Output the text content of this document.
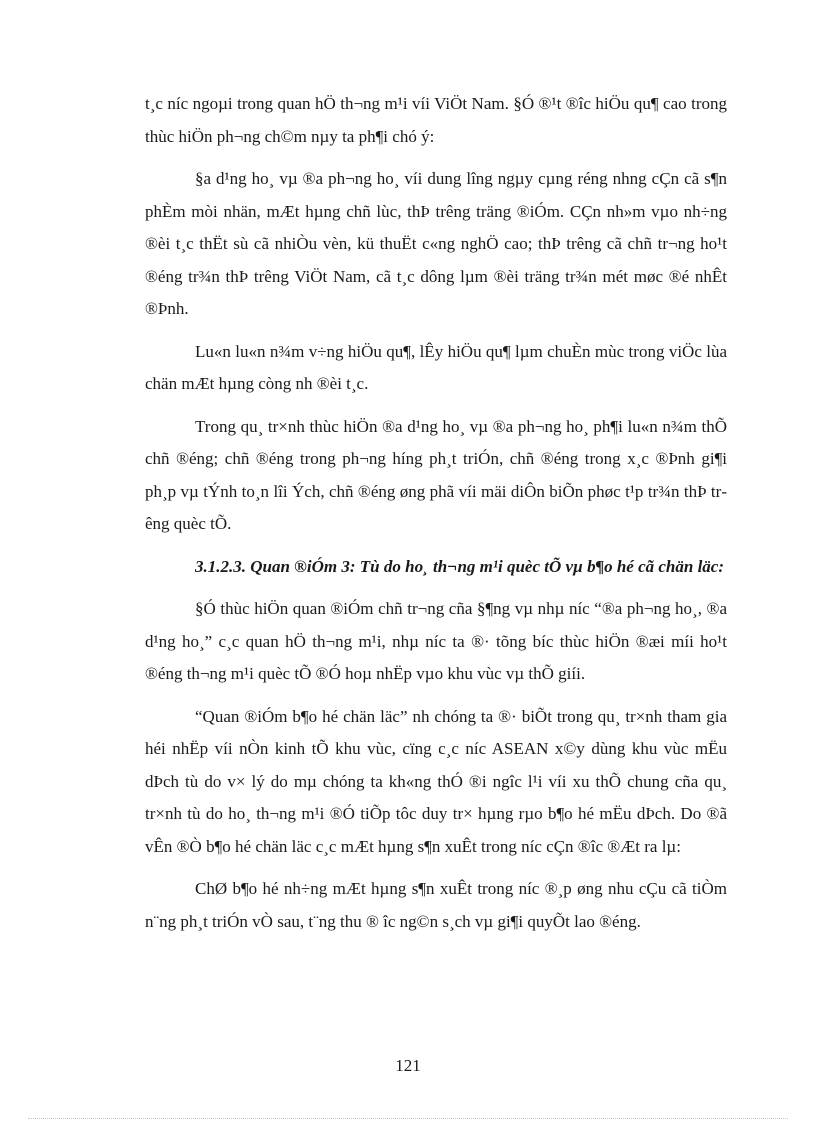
t¸c níc ngoµi trong quan hÖ th¬ng m¹i víi ViÖt Nam. §Ó ®¹t ®îc hiÖu qu¶ cao trong thùc hiÖn ph¬ng ch©m nµy ta ph¶i chó ý:

§a d¹ng ho¸ vµ ®a ph¬ng ho¸ víi dung lîng ngµy cµng réng nhng cÇn cã s¶n phÈm mòi nhän, mÆt hµng chñ lùc, thÞ trêng träng ®iÓm. CÇn nh»m vµo nh÷ng ®èi t¸c thËt sù cã nhiÒu vèn, kü thuËt c«ng nghÖ cao; thÞ trêng cã chñ tr¬ng ho¹t ®éng tr¾n thÞ trêng ViÖt Nam, cã t¸c dông lµm ®èi träng tr¾n mét møc ®é nhÊt ®Þnh.

Lu«n lu«n n¾m v÷ng hiÖu qu¶, lÊy hiÖu qu¶ lµm chuÈn mùc trong viÖc lùa chän mÆt hµng còng nh ®èi t¸c.

Trong qu¸ tr×nh thùc hiÖn ®a d¹ng ho¸ vµ ®a ph¬ng ho¸ ph¶i lu«n n¾m thÕ chñ ®éng; chñ ®éng trong ph¬ng híng ph¸t triÓn, chñ ®éng trong x¸c ®Þnh gi¶i ph¸p vµ tÝnh to¸n lîi Ých, chñ ®éng øng phã víi mäi diÔn biÕn phøc t¹p tr¾n thÞ trêng quèc tÕ.

3.1.2.3. Quan ®iÓm 3: Tù do ho¸ th¬ng m¹i quèc tÕ vµ b¶o hé cã chän läc:

§Ó thùc hiÖn quan ®iÓm chñ tr¬ng cña §¶ng vµ nhµ níc “®a ph¬ng ho¸, ®a d¹ng ho¸” c¸c quan hÖ th¬ng m¹i, nhµ níc ta ®· tõng bíc thùc hiÖn ®æi míi ho¹t ®éng th¬ng m¹i quèc tÕ ®Ó hoµ nhËp vµo khu vùc vµ thÕ giíi.

“Quan ®iÓm b¶o hé chän läc” nh chóng ta ®· biÕt trong qu¸ tr×nh tham gia héi nhËp víi nÒn kinh tÕ khu vùc, cïng c¸c níc ASEAN x©y dùng khu vùc mËu dÞch tù do v× lý do mµ chóng ta kh«ng thÓ ®i ngîc l¹i víi xu thÕ chung cña qu¸ tr×nh tù do ho¸ th¬ng m¹i ®Ó tiÕp tôc duy tr× hµng rµo b¶o hé mËu dÞch. Do ®ã vÊn ®Ò b¶o hé chän läc c¸c mÆt hµng s¶n xuÊt trong níc cÇn ®îc ®Æt ra lµ:

ChØ b¶o hé nh÷ng mÆt hµng s¶n xuÊt trong níc ®¸p øng nhu cÇu cã tiÒm n¨ng ph¸t triÓn vÒ sau, t¨ng thu ® îc ng©n s¸ch vµ gi¶i quyÕt lao ®éng.

121
